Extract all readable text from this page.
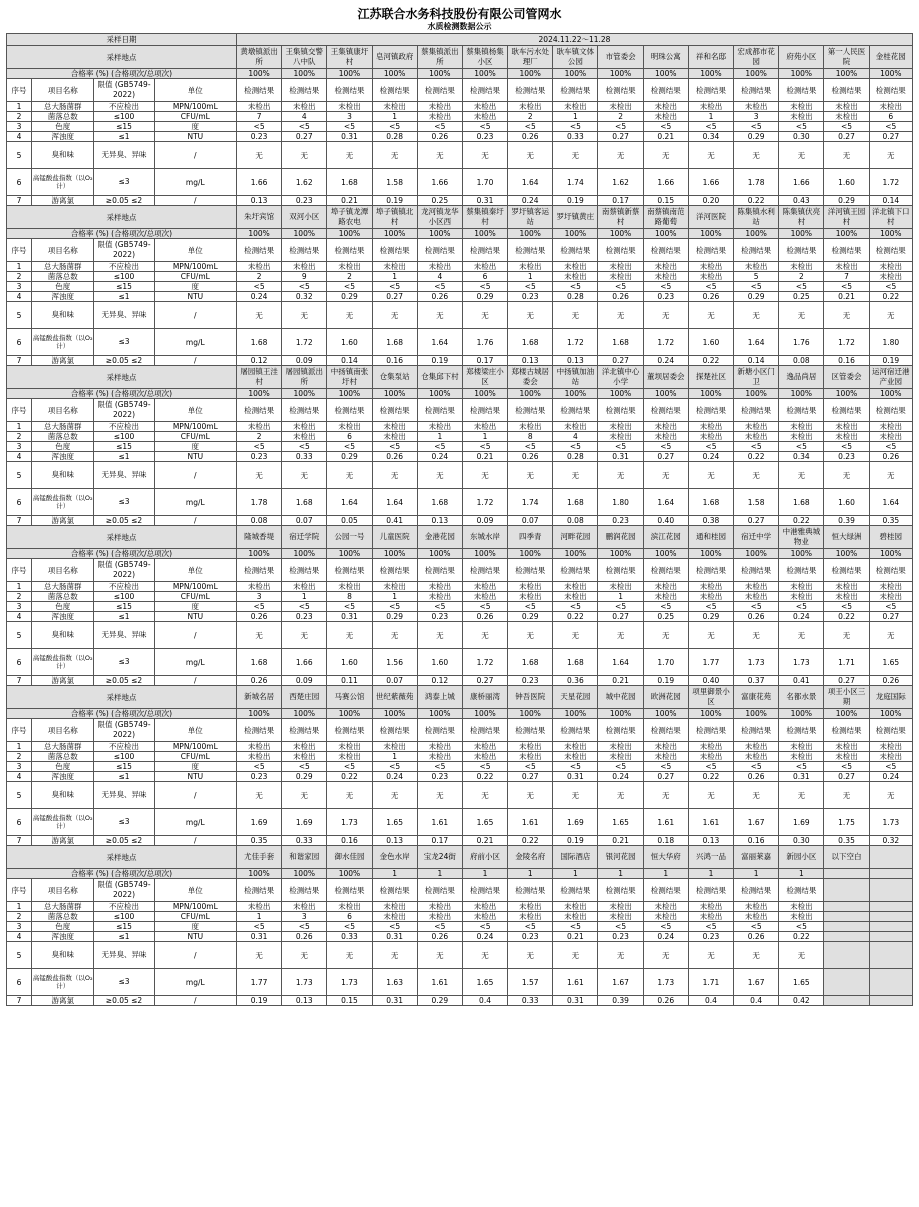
江苏联合水务科技股份有限公司管网水
水质检测数据公示
采样日期				2024.11.22～11.28														
采样地点				黄墩镇派出所	王集镇交警八中队	王集镇康圩村	皂河镇政府	蔡集镇派出所	蔡集镇杨集小区	耿车污水处理厂	耿车镇文体公园	市管委会	明珠公寓	祥和名邸	宏成都市花园	府苑小区	第一人民医院	金桂花园
合格率 (%) (合格项次/总项次)				100%	100%	100%	100%	100%	100%	100%	100%	100%	100%	100%	100%	100%	100%	100%
序号	项目名称	限值 (GB5749-2022)	单位	检测结果	检测结果	检测结果	检测结果	检测结果	检测结果	检测结果	检测结果	检测结果	检测结果	检测结果	检测结果	检测结果	检测结果	检测结果
1	总大肠菌群	不应检出	MPN/100mL	未检出	未检出	未检出	未检出	未检出	未检出	未检出	未检出	未检出	未检出	未检出	未检出	未检出	未检出	未检出
2	菌落总数	≤100	CFU/mL	7	4	3	1	未检出	未检出	2	1	2	未检出	1	3	未检出	未检出	6
3	色度	≤15	度	<5	<5	<5	<5	<5	<5	<5	<5	<5	<5	<5	<5	<5	<5	<5
4	浑浊度	≤1	NTU	0.23	0.27	0.31	0.28	0.26	0.23	0.26	0.33	0.27	0.21	0.34	0.29	0.30	0.27	0.27
5	臭和味	无异臭、异味	/	无	无	无	无	无	无	无	无	无	无	无	无	无	无	无
6	高锰酸盐指数（以O₂计）	≤3	mg/L	1.66	1.62	1.68	1.58	1.66	1.70	1.64	1.74	1.62	1.66	1.66	1.78	1.66	1.60	1.72
7	游离氯	≥0.05 ≤2	/	0.13	0.23	0.21	0.19	0.25	0.31	0.24	0.19	0.17	0.15	0.20	0.22	0.43	0.29	0.14
采样地点				朱圩宾馆	双河小区	埠子镇龙潭路农电	埠子镇镇北村	龙河镇龙华小区西	蔡集镇秦圩村	罗圩镇客运站	罗圩镇黄庄	南蔡镇新蔡村	南蔡镇南范路葡萄	洋河医院	陈集镇水利站	陈集镇伏亮村	洋河镇王园村	洋北镇下口村
合格率 (%) (合格项次/总项次)				100%	100%	100%	100%	100%	100%	100%	100%	100%	100%	100%	100%	100%	100%	100%
序号	项目名称	限值 (GB5749-2022)	单位	检测结果	检测结果	检测结果	检测结果	检测结果	检测结果	检测结果	检测结果	检测结果	检测结果	检测结果	检测结果	检测结果	检测结果	检测结果
1	总大肠菌群	不应检出	MPN/100mL	未检出	未检出	未检出	未检出	未检出	未检出	未检出	未检出	未检出	未检出	未检出	未检出	未检出	未检出	未检出
2	菌落总数	≤100	CFU/mL	2	9	2	1	4	6	1	未检出	未检出	未检出	未检出	5	2	7	未检出
3	色度	≤15	度	<5	<5	<5	<5	<5	<5	<5	<5	<5	<5	<5	<5	<5	<5	<5
4	浑浊度	≤1	NTU	0.24	0.32	0.29	0.27	0.26	0.29	0.23	0.28	0.26	0.23	0.26	0.29	0.25	0.21	0.22
5	臭和味	无异臭、异味	/	无	无	无	无	无	无	无	无	无	无	无	无	无	无	无
6	高锰酸盐指数（以O₂计）	≤3	mg/L	1.68	1.72	1.60	1.68	1.64	1.76	1.68	1.72	1.68	1.72	1.60	1.64	1.76	1.72	1.80
7	游离氯	≥0.05 ≤2	/	0.12	0.09	0.14	0.16	0.19	0.17	0.13	0.13	0.27	0.24	0.22	0.14	0.08	0.16	0.19
采样地点				屠园镇王洼村	屠园镇派出所	中扬镇南张圩村	仓集泵站	仓集邱下村	郑楼梁庄小区	郑楼古城居委会	中扬镇加油站	洋北镇中心小学	董坝居委会	探楚社区	新塘小区门卫	逸品尚居	区管委会	运河宿迁港产业园
合格率 (%) (合格项次/总项次)				100%	100%	100%	100%	100%	100%	100%	100%	100%	100%	100%	100%	100%	100%	100%
序号	项目名称	限值 (GB5749-2022)	单位	检测结果	检测结果	检测结果	检测结果	检测结果	检测结果	检测结果	检测结果	检测结果	检测结果	检测结果	检测结果	检测结果	检测结果	检测结果
1	总大肠菌群	不应检出	MPN/100mL	未检出	未检出	未检出	未检出	未检出	未检出	未检出	未检出	未检出	未检出	未检出	未检出	未检出	未检出	未检出
2	菌落总数	≤100	CFU/mL	2	未检出	6	未检出	1	1	8	4	未检出	未检出	未检出	未检出	未检出	未检出	未检出
3	色度	≤15	度	<5	<5	<5	<5	<5	<5	<5	<5	<5	<5	<5	<5	<5	<5	<5
4	浑浊度	≤1	NTU	0.23	0.33	0.29	0.26	0.24	0.21	0.26	0.28	0.31	0.27	0.24	0.22	0.34	0.23	0.26
5	臭和味	无异臭、异味	/	无	无	无	无	无	无	无	无	无	无	无	无	无	无	无
6	高锰酸盐指数（以O₂计）	≤3	mg/L	1.78	1.68	1.64	1.64	1.68	1.72	1.74	1.68	1.80	1.64	1.68	1.58	1.68	1.60	1.64
7	游离氯	≥0.05 ≤2	/	0.08	0.07	0.05	0.41	0.13	0.09	0.07	0.08	0.23	0.40	0.38	0.27	0.22	0.39	0.35
采样地点				隆城香堤	宿迁学院	公园一号	儿童医院	金港花园	东城水岸	四季青	河畔花园	鹏润花园	滨江花园	通和桂园	宿迁中学	中港雅典城物业	恒大绿洲	碧桂园
合格率 (%) (合格项次/总项次)				100%	100%	100%	100%	100%	100%	100%	100%	100%	100%	100%	100%	100%	100%	100%
序号	项目名称	限值 (GB5749-2022)	单位	检测结果	检测结果	检测结果	检测结果	检测结果	检测结果	检测结果	检测结果	检测结果	检测结果	检测结果	检测结果	检测结果	检测结果	检测结果
1	总大肠菌群	不应检出	MPN/100mL	未检出	未检出	未检出	未检出	未检出	未检出	未检出	未检出	未检出	未检出	未检出	未检出	未检出	未检出	未检出
2	菌落总数	≤100	CFU/mL	3	1	8	1	未检出	未检出	未检出	未检出	1	未检出	未检出	未检出	未检出	未检出	未检出
3	色度	≤15	度	<5	<5	<5	<5	<5	<5	<5	<5	<5	<5	<5	<5	<5	<5	<5
4	浑浊度	≤1	NTU	0.26	0.23	0.31	0.29	0.23	0.26	0.29	0.22	0.27	0.25	0.29	0.26	0.24	0.22	0.27
5	臭和味	无异臭、异味	/	无	无	无	无	无	无	无	无	无	无	无	无	无	无	无
6	高锰酸盐指数（以O₂计）	≤3	mg/L	1.68	1.66	1.60	1.56	1.60	1.72	1.68	1.68	1.64	1.70	1.77	1.73	1.73	1.71	1.65
7	游离氯	≥0.05 ≤2	/	0.26	0.09	0.11	0.07	0.12	0.27	0.23	0.36	0.21	0.19	0.40	0.37	0.41	0.27	0.26
采样地点				新城名居	西楚庄园	马赛公馆	世纪紫薇苑	鸿泰上城	康桥丽湾	钟吾医院	天星花园	城中花园	欧洲花园	项里御景小区	富康花苑	名都水景	项王小区三期	龙庭国际
合格率 (%) (合格项次/总项次)				100%	100%	100%	100%	100%	100%	100%	100%	100%	100%	100%	100%	100%	100%	100%
序号	项目名称	限值 (GB5749-2022)	单位	检测结果	检测结果	检测结果	检测结果	检测结果	检测结果	检测结果	检测结果	检测结果	检测结果	检测结果	检测结果	检测结果	检测结果	检测结果
1	总大肠菌群	不应检出	MPN/100mL	未检出	未检出	未检出	未检出	未检出	未检出	未检出	未检出	未检出	未检出	未检出	未检出	未检出	未检出	未检出
2	菌落总数	≤100	CFU/mL	未检出	未检出	未检出	1	未检出	未检出	未检出	未检出	未检出	未检出	未检出	未检出	未检出	未检出	未检出
3	色度	≤15	度	<5	<5	<5	<5	<5	<5	<5	<5	<5	<5	<5	<5	<5	<5	<5
4	浑浊度	≤1	NTU	0.23	0.29	0.22	0.24	0.23	0.22	0.27	0.31	0.24	0.27	0.22	0.26	0.31	0.27	0.24
5	臭和味	无异臭、异味	/	无	无	无	无	无	无	无	无	无	无	无	无	无	无	无
6	高锰酸盐指数（以O₂计）	≤3	mg/L	1.69	1.69	1.73	1.65	1.61	1.65	1.61	1.69	1.65	1.61	1.61	1.67	1.69	1.75	1.73
7	游离氯	≥0.05 ≤2	/	0.35	0.33	0.16	0.13	0.17	0.21	0.22	0.19	0.21	0.18	0.13	0.16	0.30	0.35	0.32
采样地点				尤佳手套	和谐家园	御水佳园	金色水岸	宝龙24街	府前小区	金陵名府	国际酒店	银河花园	恒大华府	兴鸿一品	富丽莱嘉	新园小区	以下空白	
合格率 (%) (合格项次/总项次)				100%	100%	100%	1	1	1	1	1	1	1	1	1	1		
序号	项目名称	限值 (GB5749-2022)	单位	检测结果	检测结果	检测结果	检测结果	检测结果	检测结果	检测结果	检测结果	检测结果	检测结果	检测结果	检测结果	检测结果		
1	总大肠菌群	不应检出	MPN/100mL	未检出	未检出	未检出	未检出	未检出	未检出	未检出	未检出	未检出	未检出	未检出	未检出	未检出		
2	菌落总数	≤100	CFU/mL	1	3	6	未检出	未检出	未检出	未检出	未检出	未检出	未检出	未检出	未检出	未检出		
3	色度	≤15	度	<5	<5	<5	<5	<5	<5	<5	<5	<5	<5	<5	<5	<5		
4	浑浊度	≤1	NTU	0.31	0.26	0.33	0.31	0.26	0.24	0.23	0.21	0.23	0.24	0.23	0.26	0.22		
5	臭和味	无异臭、异味	/	无	无	无	无	无	无	无	无	无	无	无	无	无		
6	高锰酸盐指数（以O₂计）	≤3	mg/L	1.77	1.73	1.73	1.63	1.61	1.65	1.57	1.61	1.67	1.73	1.71	1.67	1.65		
7	游离氯	≥0.05 ≤2	/	0.19	0.13	0.15	0.31	0.29	0.4	0.33	0.31	0.39	0.26	0.4	0.4	0.42		
